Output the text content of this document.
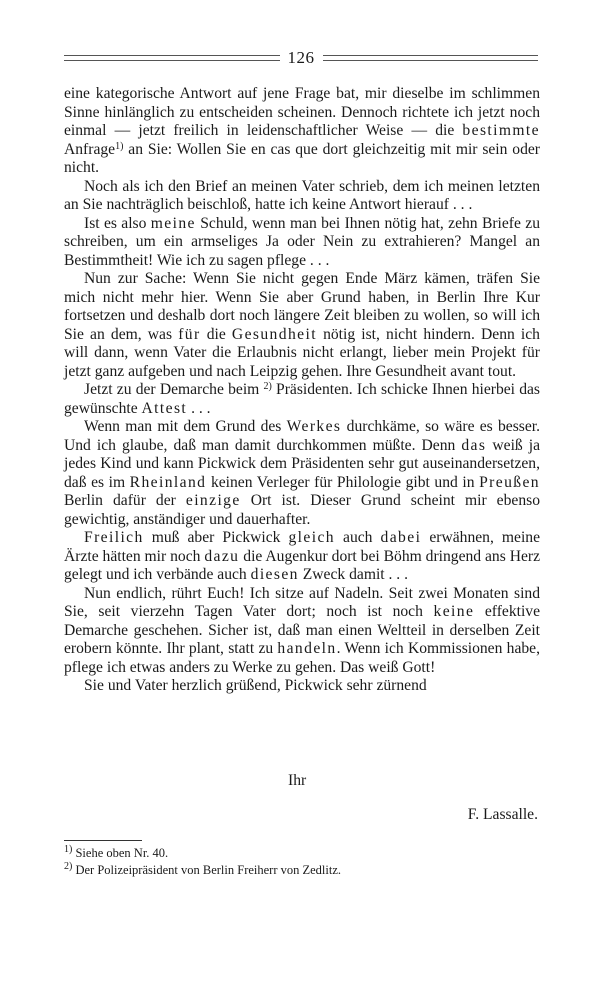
126

eine kategorische Antwort auf jene Frage bat, mir dieselbe im schlimmen Sinne hinlänglich zu entscheiden scheinen. Dennoch richtete ich jetzt noch einmal — jetzt freilich in leidenschaftlicher Weise — die bestimmte Anfrage$^{1)}$ an Sie: Wollen Sie en cas que dort gleichzeitig mit mir sein oder nicht.

Noch als ich den Brief an meinen Vater schrieb, dem ich meinen letzten an Sie nachträglich beischloß, hatte ich keine Antwort hierauf . . .

Ist es also meine Schuld, wenn man bei Ihnen nötig hat, zehn Briefe zu schreiben, um ein armseliges Ja oder Nein zu extrahieren? Mangel an Bestimmtheit! Wie ich zu sagen pflege . . .

Nun zur Sache: Wenn Sie nicht gegen Ende März kämen, träfen Sie mich nicht mehr hier. Wenn Sie aber Grund haben, in Berlin Ihre Kur fortsetzen und deshalb dort noch längere Zeit bleiben zu wollen, so will ich Sie an dem, was für die Gesundheit nötig ist, nicht hindern. Denn ich will dann, wenn Vater die Erlaubnis nicht erlangt, lieber mein Projekt für jetzt ganz aufgeben und nach Leipzig gehen. Ihre Gesundheit avant tout.

Jetzt zu der Demarche beim $^{2)}$ Präsidenten. Ich schicke Ihnen hierbei das gewünschte Attest . . .

Wenn man mit dem Grund des Werkes durchkäme, so wäre es besser. Und ich glaube, daß man damit durchkommen müßte. Denn das weiß ja jedes Kind und kann Pickwick dem Präsidenten sehr gut auseinandersetzen, daß es im Rheinland keinen Verleger für Philologie gibt und in Preußen Berlin dafür der einzige Ort ist. Dieser Grund scheint mir ebenso gewichtig, anständiger und dauerhafter.

Freilich muß aber Pickwick gleich auch dabei erwähnen, meine Ärzte hätten mir noch dazu die Augenkur dort bei Böhm dringend ans Herz gelegt und ich verbände auch diesen Zweck damit . . .

Nun endlich, rührt Euch! Ich sitze auf Nadeln. Seit zwei Monaten sind Sie, seit vierzehn Tagen Vater dort; noch ist noch keine effektive Demarche geschehen. Sicher ist, daß man einen Weltteil in derselben Zeit erobern könnte. Ihr plant, statt zu handeln. Wenn ich Kommissionen habe, pflege ich etwas anders zu Werke zu gehen. Das weiß Gott!

Sie und Vater herzlich grüßend, Pickwick sehr zürnend

Ihr
F. Lassalle.
$^{1)}$ Siehe oben Nr. 40.
$^{2)}$ Der Polizeipräsident von Berlin Freiherr von Zedlitz.
